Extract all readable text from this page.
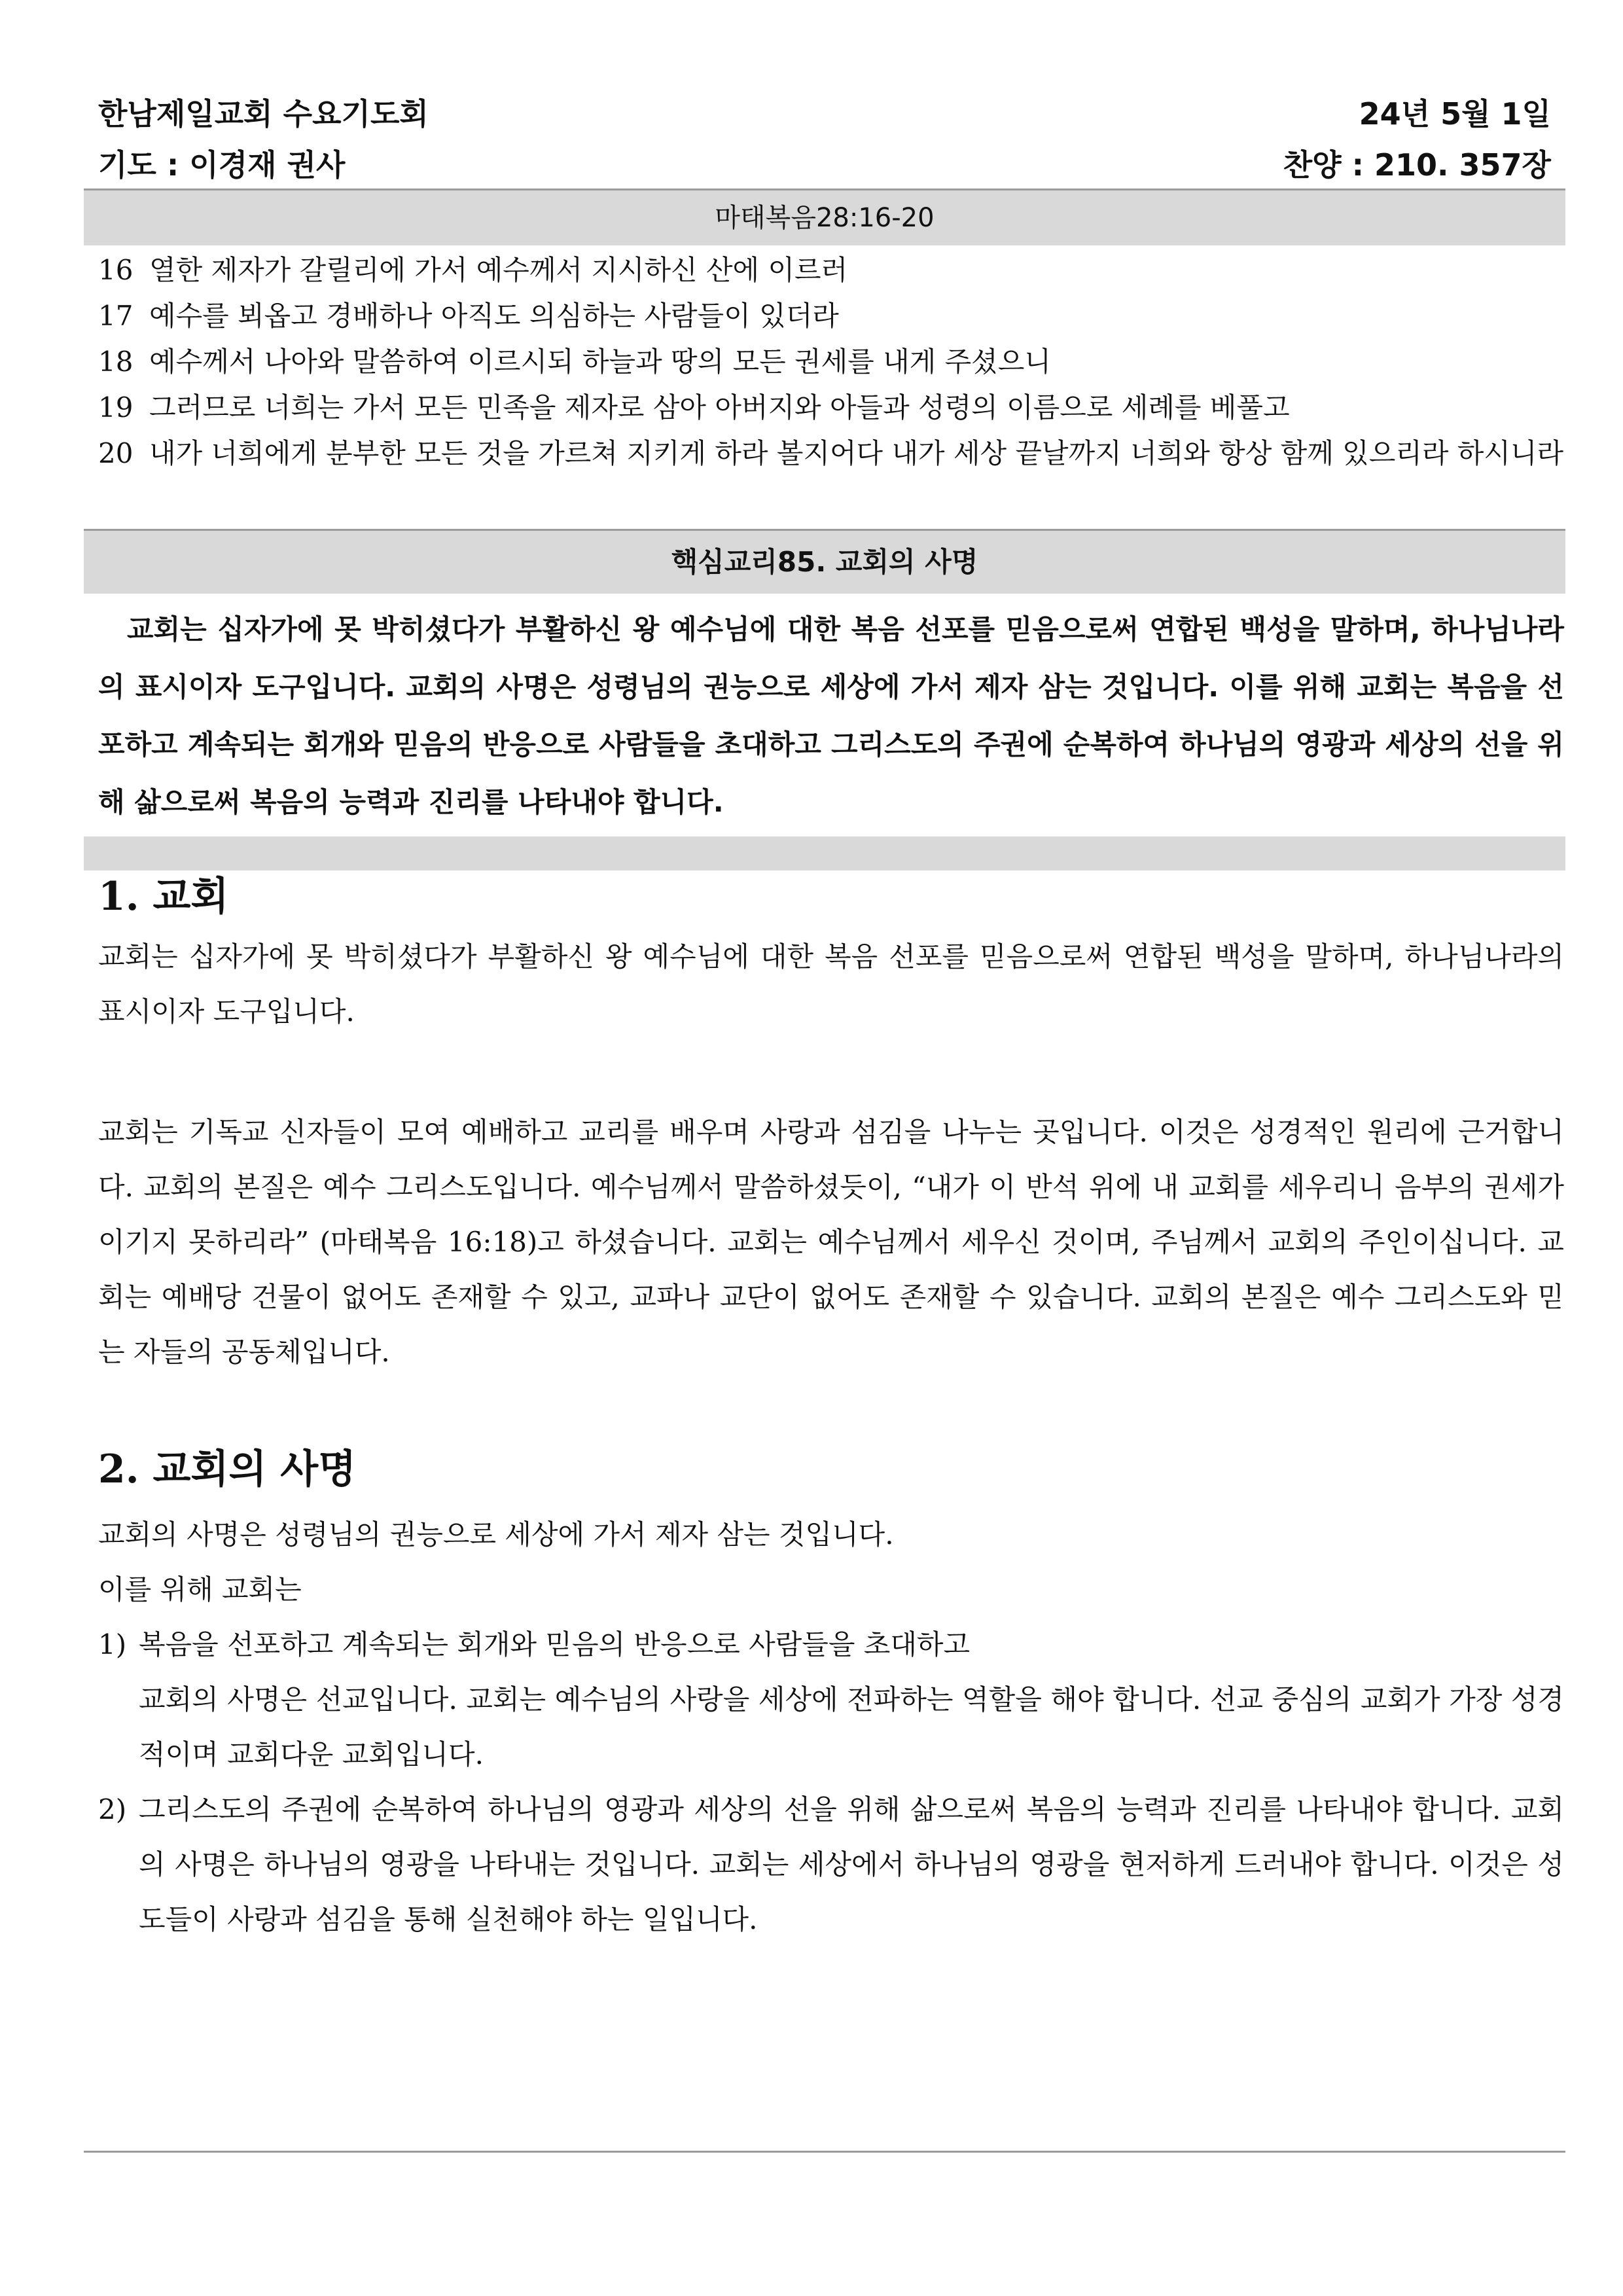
한남제일교회 수요기도회	24년 5월 1일
기도 : 이경재 권사	찬양 : 210. 357장
마태복음28:16-20
16 열한 제자가 갈릴리에 가서 예수께서 지시하신 산에 이르러
17 예수를 뵈옵고 경배하나 아직도 의심하는 사람들이 있더라
18 예수께서 나아와 말씀하여 이르시되 하늘과 땅의 모든 권세를 내게 주셨으니
19 그러므로 너희는 가서 모든 민족을 제자로 삼아 아버지와 아들과 성령의 이름으로 세례를 베풀고
20 내가 너희에게 분부한 모든 것을 가르쳐 지키게 하라 볼지어다 내가 세상 끝날까지 너희와 항상 함께 있으리라 하시니라
핵심교리85. 교회의 사명
교회는 십자가에 못 박히셨다가 부활하신 왕 예수님에 대한 복음 선포를 믿음으로써 연합된 백성을 말하며, 하나님나라의 표시이자 도구입니다. 교회의 사명은 성령님의 권능으로 세상에 가서 제자 삼는 것입니다. 이를 위해 교회는 복음을 선포하고 계속되는 회개와 믿음의 반응으로 사람들을 초대하고 그리스도의 주권에 순복하여 하나님의 영광과 세상의 선을 위해 삶으로써 복음의 능력과 진리를 나타내야 합니다.
1. 교회
교회는 십자가에 못 박히셨다가 부활하신 왕 예수님에 대한 복음 선포를 믿음으로써 연합된 백성을 말하며, 하나님나라의 표시이자 도구입니다.
교회는 기독교 신자들이 모여 예배하고 교리를 배우며 사랑과 섬김을 나누는 곳입니다. 이것은 성경적인 원리에 근거합니다. 교회의 본질은 예수 그리스도입니다. 예수님께서 말씀하셨듯이, “내가 이 반석 위에 내 교회를 세우리니 음부의 권세가 이기지 못하리라” (마태복음 16:18)고 하셨습니다. 교회는 예수님께서 세우신 것이며, 주님께서 교회의 주인이십니다. 교회는 예배당 건물이 없어도 존재할 수 있고, 교파나 교단이 없어도 존재할 수 있습니다. 교회의 본질은 예수 그리스도와 믿는 자들의 공동체입니다.
2. 교회의 사명
교회의 사명은 성령님의 권능으로 세상에 가서 제자 삼는 것입니다.
이를 위해 교회는
1) 복음을 선포하고 계속되는 회개와 믿음의 반응으로 사람들을 초대하고
교회의 사명은 선교입니다. 교회는 예수님의 사랑을 세상에 전파하는 역할을 해야 합니다. 선교 중심의 교회가 가장 성경적이며 교회다운 교회입니다.
2) 그리스도의 주권에 순복하여 하나님의 영광과 세상의 선을 위해 삶으로써 복음의 능력과 진리를 나타내야 합니다. 교회의 사명은 하나님의 영광을 나타내는 것입니다. 교회는 세상에서 하나님의 영광을 현저하게 드러내야 합니다. 이것은 성도들이 사랑과 섬김을 통해 실천해야 하는 일입니다.
